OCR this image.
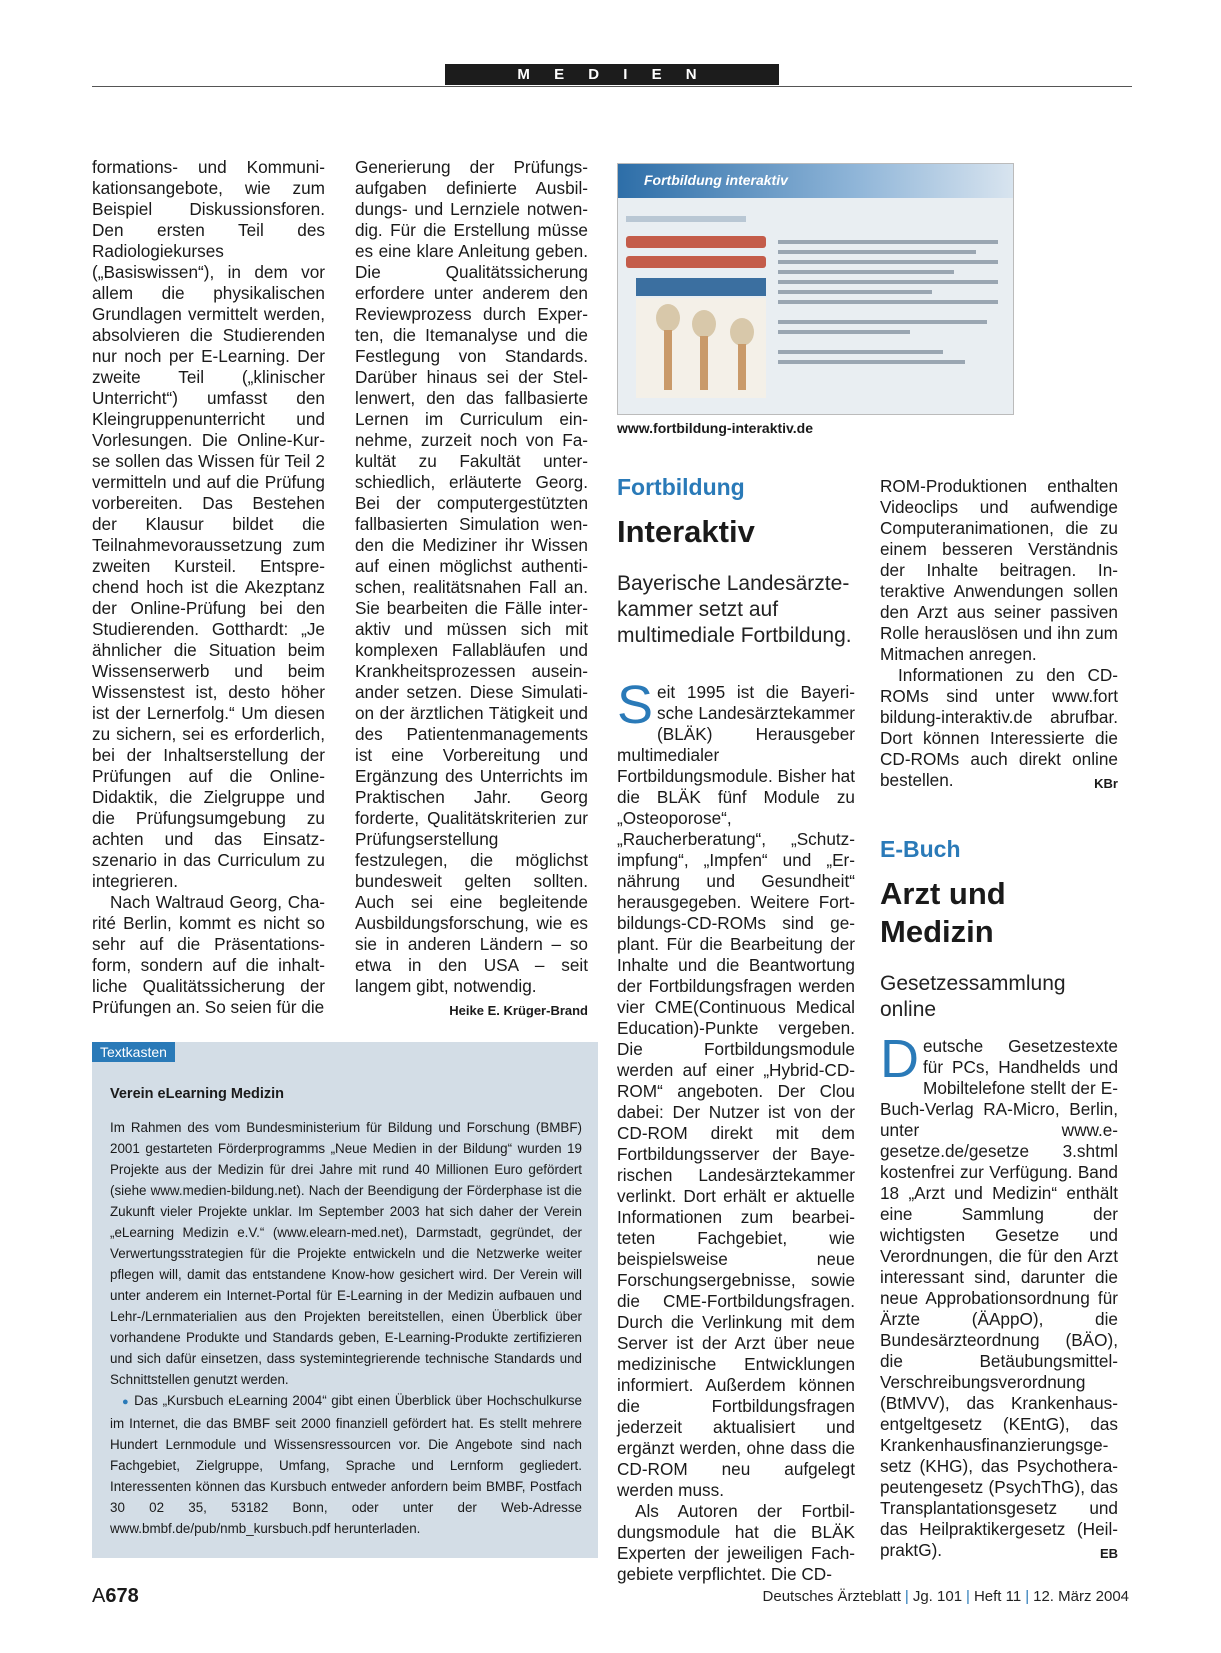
M E D I E N

formations- und Kommunikationsangebote, wie zum Beispiel Diskussionsforen. Den ersten Teil des Radiologiekurses („Basiswissen“), in dem vor allem die physikalischen Grundlagen vermittelt werden, absolvieren die Studierenden nur noch per E-Learning. Der zweite Teil („klinischer Unterricht“) umfasst den Kleingruppenunterricht und Vorlesungen. Die Online-Kurse sollen das Wissen für Teil 2 vermitteln und auf die Prüfung vorbereiten. Das Bestehen der Klausur bildet die Teilnahmevoraussetzung zum zweiten Kursteil. Entsprechend hoch ist die Akezptanz der Online-Prüfung bei den Studierenden. Gotthardt: „Je ähnlicher die Situation beim Wissenserwerb und beim Wissenstest ist, desto höher ist der Lernerfolg.“ Um diesen zu sichern, sei es erforderlich, bei der Inhaltserstellung der Prüfungen auf die Online-Didaktik, die Zielgruppe und die Prüfungsumgebung zu achten und das Einsatzszenario in das Curriculum zu integrieren.

Nach Waltraud Georg, Charité Berlin, kommt es nicht so sehr auf die Präsentationsform, sondern auf die inhaltliche Qualitätssicherung der Prüfungen an. So seien für die

Generierung der Prüfungsaufgaben definierte Ausbildungs- und Lernziele notwendig. Für die Erstellung müsse es eine klare Anleitung geben. Die Qualitätssicherung erfordere unter anderem den Reviewprozess durch Experten, die Itemanalyse und die Festlegung von Standards. Darüber hinaus sei der Stellenwert, den das fallbasierte Lernen im Curriculum einnehme, zurzeit noch von Fakultät zu Fakultät unterschiedlich, erläuterte Georg. Bei der computergestützten fallbasierten Simulation wenden die Mediziner ihr Wissen auf einen möglichst authentischen, realitätsnahen Fall an. Sie bearbeiten die Fälle interaktiv und müssen sich mit komplexen Fallabläufen und Krankheitsprozessen auseinander setzen. Diese Simulation der ärztlichen Tätigkeit und des Patientenmanagements ist eine Vorbereitung und Ergänzung des Unterrichts im Praktischen Jahr. Georg forderte, Qualitätskriterien zur Prüfungserstellung festzulegen, die möglichst bundesweit gelten sollten. Auch sei eine begleitende Ausbildungsforschung, wie es sie in anderen Ländern – so etwa in den USA – seit langem gibt, notwendig.
Heike E. Krüger-Brand

Fortbildung interaktiv
www.fortbildung-interaktiv.de
Fortbildung
Interaktiv
Bayerische Landesärztekammer setzt auf multimediale Fortbildung.

Seit 1995 ist die Bayerische Landesärztekammer (BLÄK) Herausgeber multimedialer Fortbildungsmodule. Bisher hat die BLÄK fünf Module zu „Osteoporose“, „Raucherberatung“, „Schutzimpfung“, „Impfen“ und „Ernährung und Gesundheit“ herausgegeben. Weitere Fortbildungs-CD-ROMs sind geplant. Für die Bearbeitung der Inhalte und die Beantwortung der Fortbildungsfragen werden vier CME(Continuous Medical Education)-Punkte vergeben. Die Fortbildungsmodule werden auf einer „Hybrid-CD-ROM“ angeboten. Der Clou dabei: Der Nutzer ist von der CD-ROM direkt mit dem Fortbildungsserver der Bayerischen Landesärztekammer verlinkt. Dort erhält er aktuelle Informationen zum bearbeiteten Fachgebiet, wie beispielsweise neue Forschungsergebnisse, sowie die CME-Fortbildungsfragen. Durch die Verlinkung mit dem Server ist der Arzt über neue medizinische Entwicklungen informiert. Außerdem können die Fortbildungsfragen jederzeit aktualisiert und ergänzt werden, ohne dass die CD-ROM neu aufgelegt werden muss.

Als Autoren der Fortbildungsmodule hat die BLÄK Experten der jeweiligen Fachgebiete verpflichtet. Die CD-

ROM-Produktionen enthalten Videoclips und aufwendige Computeranimationen, die zu einem besseren Verständnis der Inhalte beitragen. Interaktive Anwendungen sollen den Arzt aus seiner passiven Rolle herauslösen und ihn zum Mitmachen anregen.

Informationen zu den CD-ROMs sind unter www.fort bildung-interaktiv.de abrufbar. Dort können Interessierte die CD-ROMs auch direkt online bestellen.	KBr

E-Buch
Arzt und
Medizin
Gesetzessammlung online

Deutsche Gesetzestexte für PCs, Handhelds und Mobiltelefone stellt der E-Buch-Verlag RA-Micro, Berlin, unter www.e-gesetze.de/gesetze 3.shtml kostenfrei zur Verfügung. Band 18 „Arzt und Medizin“ enthält eine Sammlung der wichtigsten Gesetze und Verordnungen, die für den Arzt interessant sind, darunter die neue Approbationsordnung für Ärzte (ÄAppO), die Bundesärzteordnung (BÄO), die Betäubungsmittel-Verschreibungsverordnung (BtMVV), das Krankenhausentgeltgesetz (KEntG), das Krankenhausfinanzierungsgesetz (KHG), das Psychotherapeutengesetz (PsychThG), das Transplantationsgesetz und das Heilpraktikergesetz (HeilpraktG).	EB

Textkasten
Verein eLearning Medizin

Im Rahmen des vom Bundesministerium für Bildung und Forschung (BMBF) 2001 gestarteten Förderprogramms „Neue Medien in der Bildung“ wurden 19 Projekte aus der Medizin für drei Jahre mit rund 40 Millionen Euro gefördert (siehe www.medien-bildung.net). Nach der Beendigung der Förderphase ist die Zukunft vieler Projekte unklar. Im September 2003 hat sich daher der Verein „eLearning Medizin e.V.“ (www.elearn-med.net), Darmstadt, gegründet, der Verwertungsstrategien für die Projekte entwickeln und die Netzwerke weiter pflegen will, damit das entstandene Know-how gesichert wird. Der Verein will unter anderem ein Internet-Portal für E-Learning in der Medizin aufbauen und Lehr-/Lernmaterialien aus den Projekten bereitstellen, einen Überblick über vorhandene Produkte und Standards geben, E-Learning-Produkte zertifizieren und sich dafür einsetzen, dass systemintegrierende technische Standards und Schnittstellen genutzt werden.

● Das „Kursbuch eLearning 2004“ gibt einen Überblick über Hochschulkurse im Internet, die das BMBF seit 2000 finanziell gefördert hat. Es stellt mehrere Hundert Lernmodule und Wissensressourcen vor. Die Angebote sind nach Fachgebiet, Zielgruppe, Umfang, Sprache und Lernform gegliedert. Interessenten können das Kursbuch entweder anfordern beim BMBF, Postfach 30 02 35, 53182 Bonn, oder unter der Web-Adresse www.bmbf.de/pub/nmb_kursbuch.pdf herunterladen.

A678	Deutsches Ärzteblatt | Jg. 101 | Heft 11 | 12. März 2004
